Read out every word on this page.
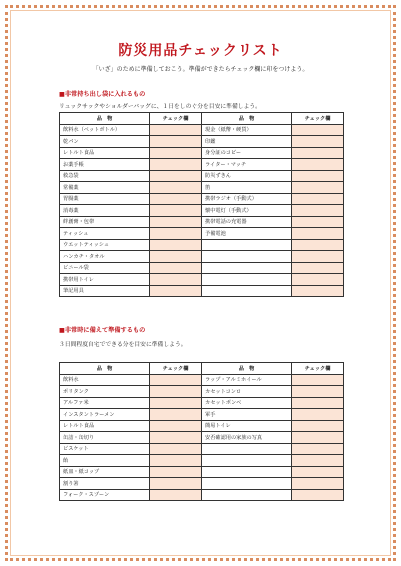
防災用品チェックリスト
「いざ」のために準備しておこう。準備ができたらチェック欄に印をつけよう。
■非常持ち出し袋に入れるもの
リュックサックやショルダーバッグに、１日をしのぐ分を目安に準備しよう。
品　物	チェック欄	品　物	チェック欄
飲料水（ペットボトル）		現金（紙幣・硬貨）	
乾パン		印鑑	
レトルト食品		身分証のコピー	
お薬手帳		ライター・マッチ	
救急袋		防災ずきん	
常備薬		笛	
胃腸薬		携帯ラジオ（手動式）	
消毒薬		懐中電灯（手動式）	
絆創膏・包帯		携帯電話の充電器	
ティッシュ		予備電池	
ウエットティッシュ			
ハンカチ・タオル			
ビニール袋			
携帯用トイレ			
筆記用具			
■非常時に備えて準備するもの
３日間程度自宅でできる分を目安に準備しよう。
品　物	チェック欄	品　物	チェック欄
飲料水		ラップ・アルミホイール	
ポリタンク		カセットコンロ	
アルファ米		カセットボンベ	
インスタントラーメン		軍手	
レトルト食品		簡易トイレ	
缶詰・缶切り		安否確認用の家族の写真	
ビスケット			
飴			
紙皿・紙コップ			
割り箸			
フォーク・スプーン			
